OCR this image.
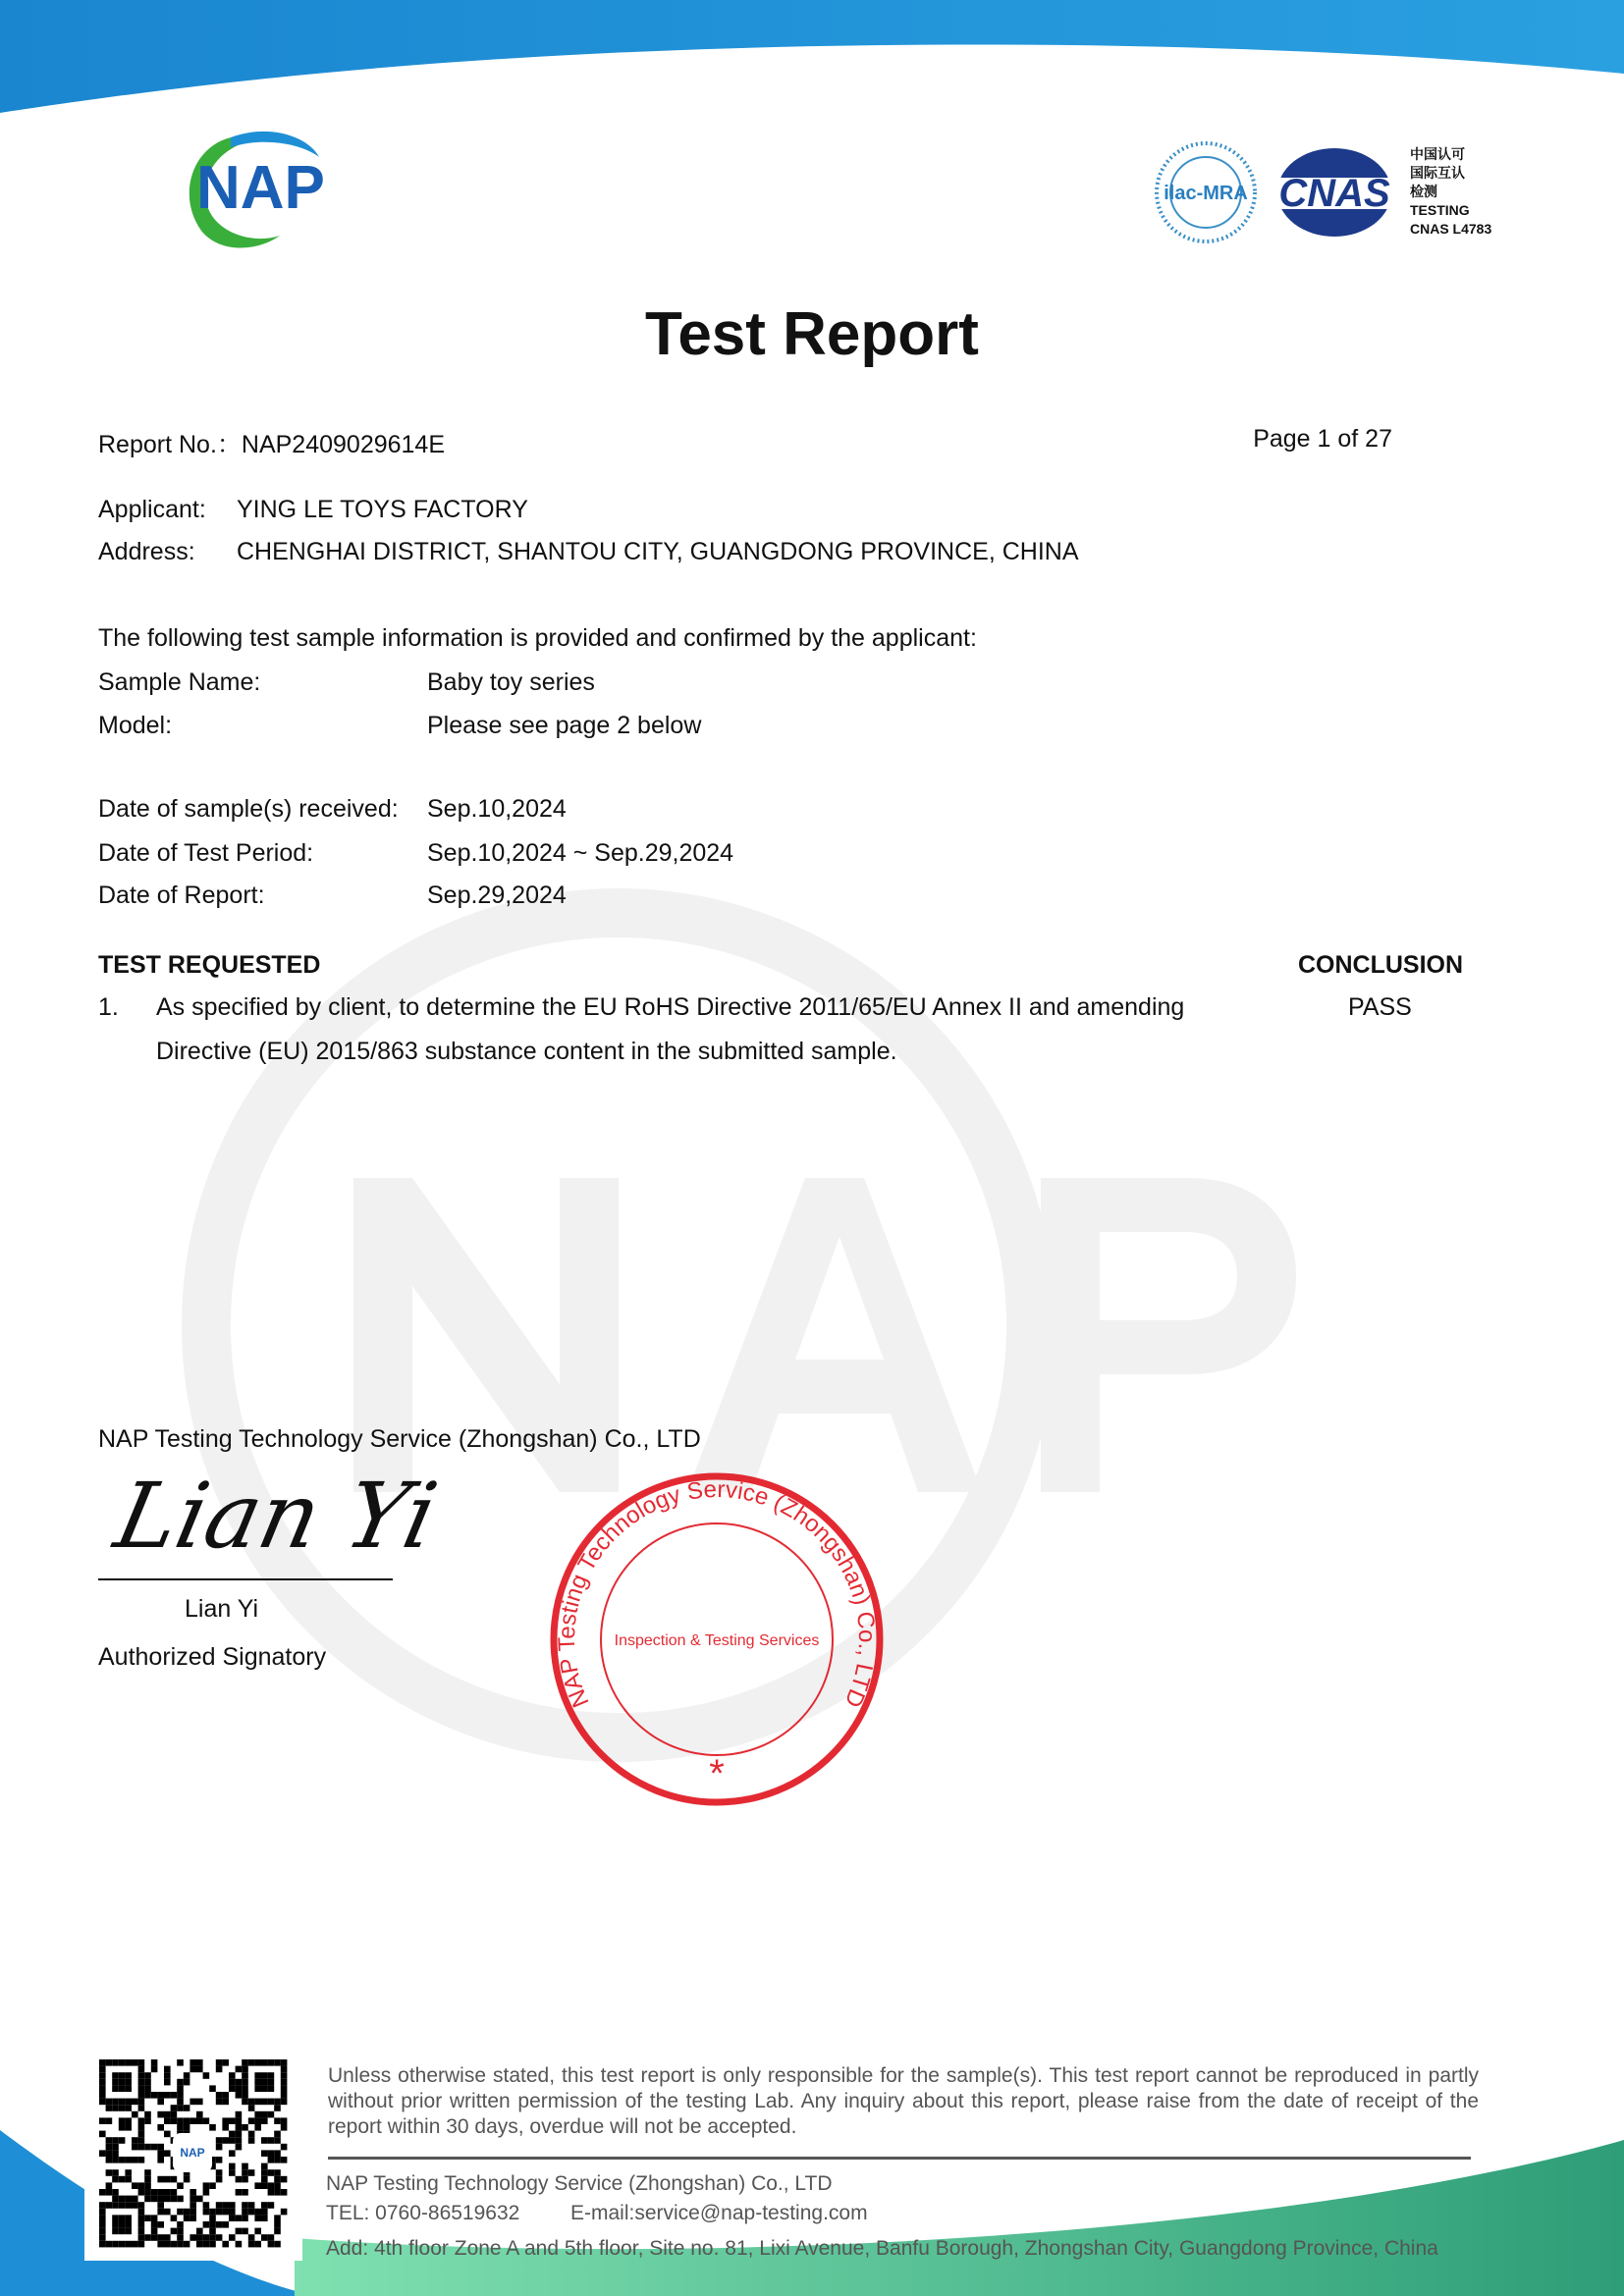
NAP	ilac-MRA CNAS
中国认可
国际互认
检测
TESTING
CNAS L4783
Test Report
Report No.：NAP2409029614E	Page 1 of 27
Applicant: YING LE TOYS FACTORY
Address: CHENGHAI DISTRICT, SHANTOU CITY, GUANGDONG PROVINCE, CHINA
The following test sample information is provided and confirmed by the applicant:
Sample Name:	Baby toy series
Model:	Please see page 2 below
Date of sample(s) received: Sep.10,2024
Date of Test Period:	Sep.10,2024 ~ Sep.29,2024
Date of Report:	Sep.29,2024
TEST REQUESTED	CONCLUSION
1. As specified by client, to determine the EU RoHS Directive 2011/65/EU Annex II and amending
Directive (EU) 2015/863 substance content in the submitted sample.
PASS
NAP Testing Technology Service (Zhongshan) Co., LTD
Lian Yi
Lian Yi
Authorized Signatory
NAP Testing Technology Service (Zhongshan) Co., LTD
Inspection & Testing Services
*
NAP
Unless otherwise stated, this test report is only responsible for the sample(s). This test report cannot be reproduced in partly without prior written permission of the testing Lab. Any inquiry about this report, please raise from the date of receipt of the report within 30 days, overdue will not be accepted.
NAP Testing Technology Service (Zhongshan) Co., LTD
TEL: 0760-86519632 E-mail:service@nap-testing.com
Add: 4th floor Zone A and 5th floor, Site no. 81, Lixi Avenue, Banfu Borough, Zhongshan City, Guangdong Province, China
